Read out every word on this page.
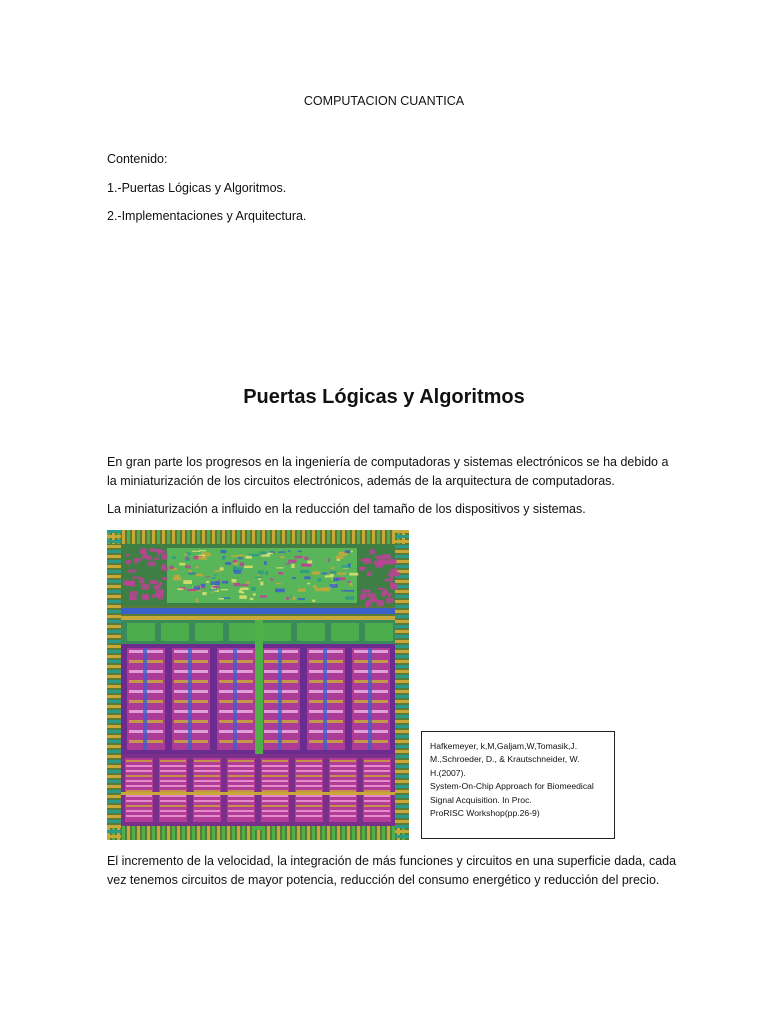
COMPUTACION CUANTICA

Contenido:

1.-Puertas Lógicas y Algoritmos.

2.-Implementaciones y Arquitectura.

Puertas Lógicas y Algoritmos

En gran parte los progresos en la ingeniería de computadoras y sistemas electrónicos se ha debido a la miniaturización de los circuitos electrónicos, además de la arquitectura de computadoras.

La miniaturización a influido en la reducción del tamaño de los dispositivos y sistemas.

Hafkemeyer, k,M,Galjam,W,Tomasik,J.
M.,Schroeder, D., & Krautschneider, W.
H.(2007).
System-On-Chip Approach for Biomeedical
Signal Acquisition. In Proc.
ProRISC Workshop(pp.26-9)

El incremento de la velocidad, la integración de más funciones y circuitos en una superficie dada, cada vez tenemos circuitos de mayor potencia, reducción del consumo energético y reducción del precio.
